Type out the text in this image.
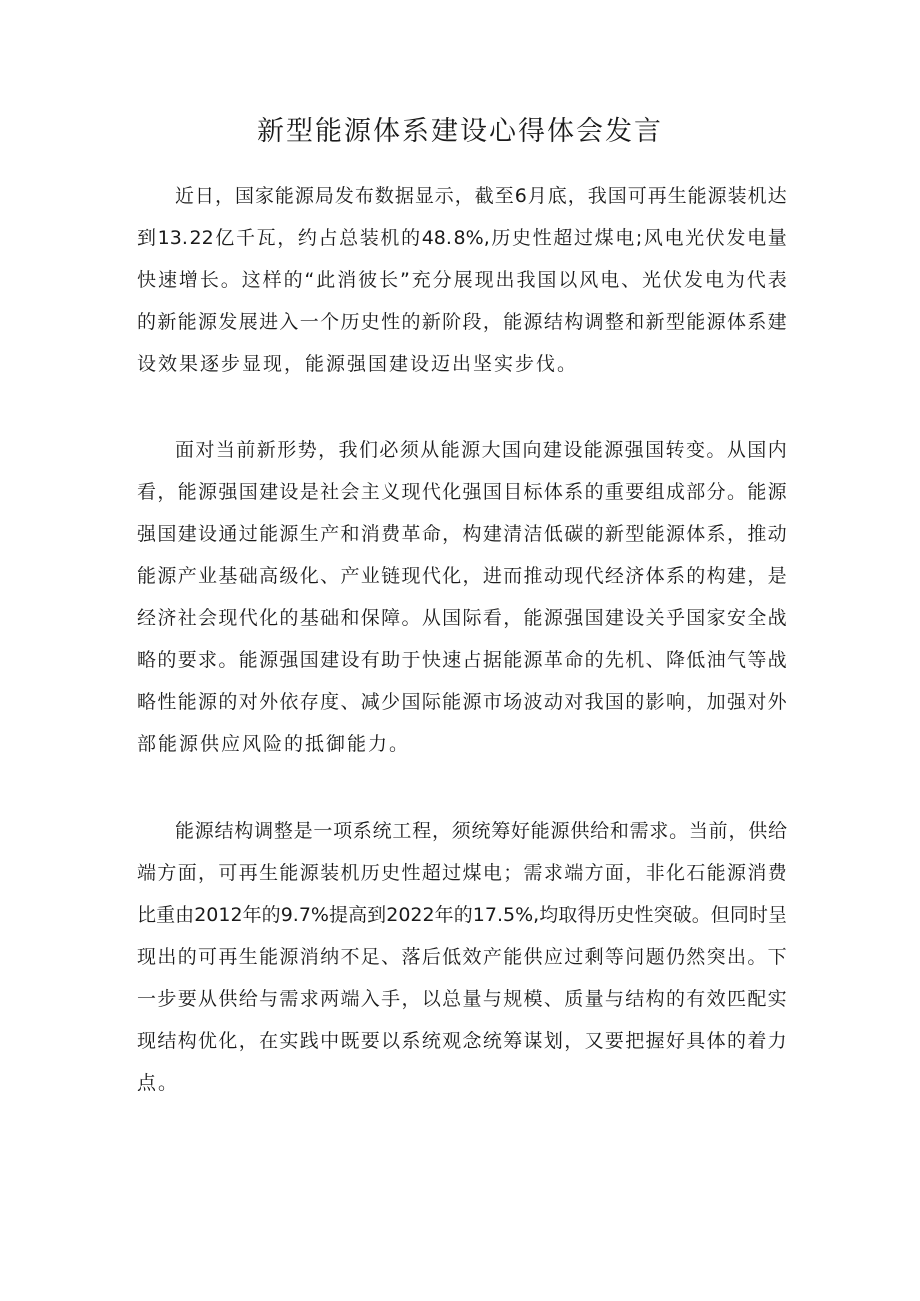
新型能源体系建设心得体会发言
近 日 ， 国 家 能 源 局 发 布 数 据 显 示 ， 截 至 6 月 底 ， 我 国 可 再 生 能 源 装 机 达
到 13. 22 亿 千 瓦 ， 约 占 总 装 机 的 48. 8%, 历 史 性 超 过 煤 电 ; 风 电 光 伏 发 电 量
快 速 增 长 。 这 样 的 “ 此 消 彼 长 ” 充 分 展 现 出 我 国 以 风 电 、 光 伏 发 电 为 代 表
的 新 能 源 发 展 进 入 一 个 历 史 性 的 新 阶 段 ， 能 源 结 构 调 整 和 新 型 能 源 体 系 建
设效果逐步显现，能源强国建设迈出坚实步伐。
面 对 当 前 新 形 势 ， 我 们 必 须 从 能 源 大 国 向 建 设 能 源 强 国 转 变 。 从 国 内
看 ， 能 源 强 国 建 设 是 社 会 主 义 现 代 化 强 国 目 标 体 系 的 重 要 组 成 部 分 。 能 源
强 国 建 设 通 过 能 源 生 产 和 消 费 革 命 ， 构 建 清 洁 低 碳 的 新 型 能 源 体 系 ， 推 动
能 源 产 业 基 础 高 级 化 、 产 业 链 现 代 化 ， 进 而 推 动 现 代 经 济 体 系 的 构 建 ， 是
经 济 社 会 现 代 化 的 基 础 和 保 障 。 从 国 际 看 ， 能 源 强 国 建 设 关 乎 国 家 安 全 战
略 的 要 求 。 能 源 强 国 建 设 有 助 于 快 速 占 据 能 源 革 命 的 先 机 、 降 低 油 气 等 战
略 性 能 源 的 对 外 依 存 度 、 减 少 国 际 能 源 市 场 波 动 对 我 国 的 影 响 ， 加 强 对 外
部能源供应风险的抵御能力。
能 源 结 构 调 整 是 一 项 系 统 工 程 ， 须 统 筹 好 能 源 供 给 和 需 求 。 当 前 ， 供 给
端 方 面 ， 可 再 生 能 源 装 机 历 史 性 超 过 煤 电 ； 需 求 端 方 面 ， 非 化 石 能 源 消 费
比 重 由 2012 年 的 9.7% 提 高 到 2022 年 的 17.5%, 均 取 得 历 史 性 突 破 。 但 同 时 呈
现 出 的 可 再 生 能 源 消 纳 不 足 、 落 后 低 效 产 能 供 应 过 剩 等 问 题 仍 然 突 出 。 下
一 步 要 从 供 给 与 需 求 两 端 入 手 ， 以 总 量 与 规 模 、 质 量 与 结 构 的 有 效 匹 配 实
现 结 构 优 化 ， 在 实 践 中 既 要 以 系 统 观 念 统 筹 谋 划 ， 又 要 把 握 好 具 体 的 着 力
点。
